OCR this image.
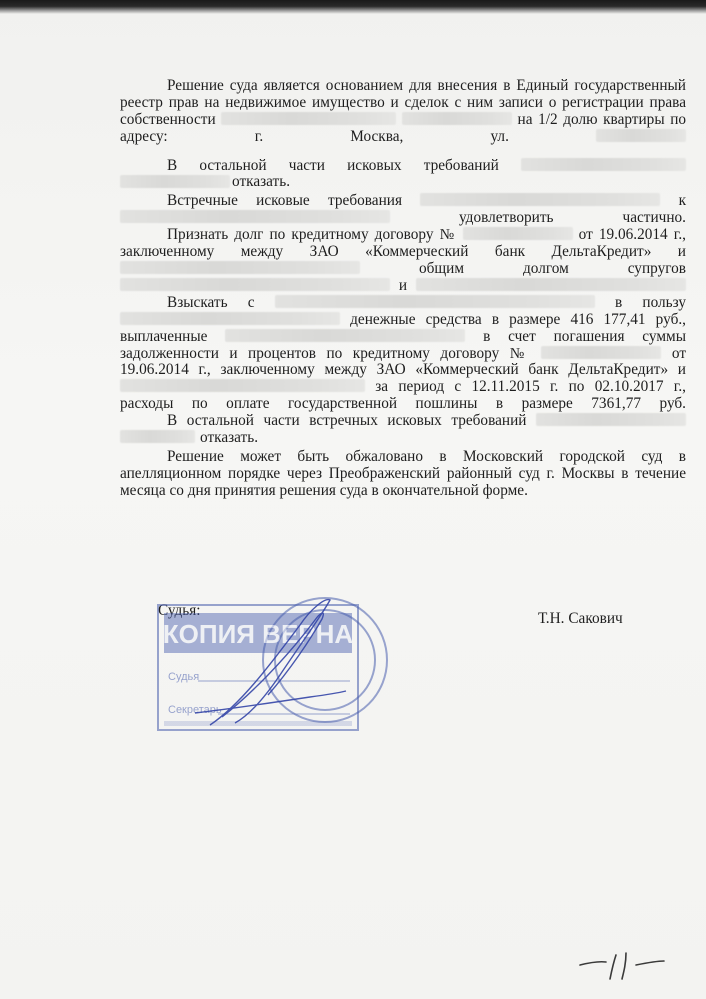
Решение суда является основанием для внесения в Единый государственный реестр прав на недвижимое имущество и сделок с ним записи о регистрации права собственности	на 1/2 долю квартиры по адресу: г. Москва, ул.

В остальной части исковых требований

отказать.

Встречные исковые требования	к  удовлетворить частично.

Признать долг по кредитному договору №	от 19.06.2014 г., заключенному между ЗАО «Коммерческий банк ДельтаКредит» и  общим долгом супругов  и

Взыскать с	в пользу  денежные средства в размере 416 177,41 руб., выплаченные	в счет погашения суммы задолженности и процентов по кредитному договору №	от 19.06.2014 г., заключенному между ЗАО «Коммерческий банк ДельтаКредит» и  за период с 12.11.2015 г. по 02.10.2017 г., расходы по оплате государственной пошлины в размере 7361,77 руб.

В остальной части встречных исковых требований

отказать.

Решение может быть обжаловано в Московский городской суд в апелляционном порядке через Преображенский районный суд г. Москвы в течение месяца со дня принятия решения суда в окончательной форме.

Судья:	Т.Н. Сакович
КОПИЯ ВЕРНА
Судья
Секретарь
1
